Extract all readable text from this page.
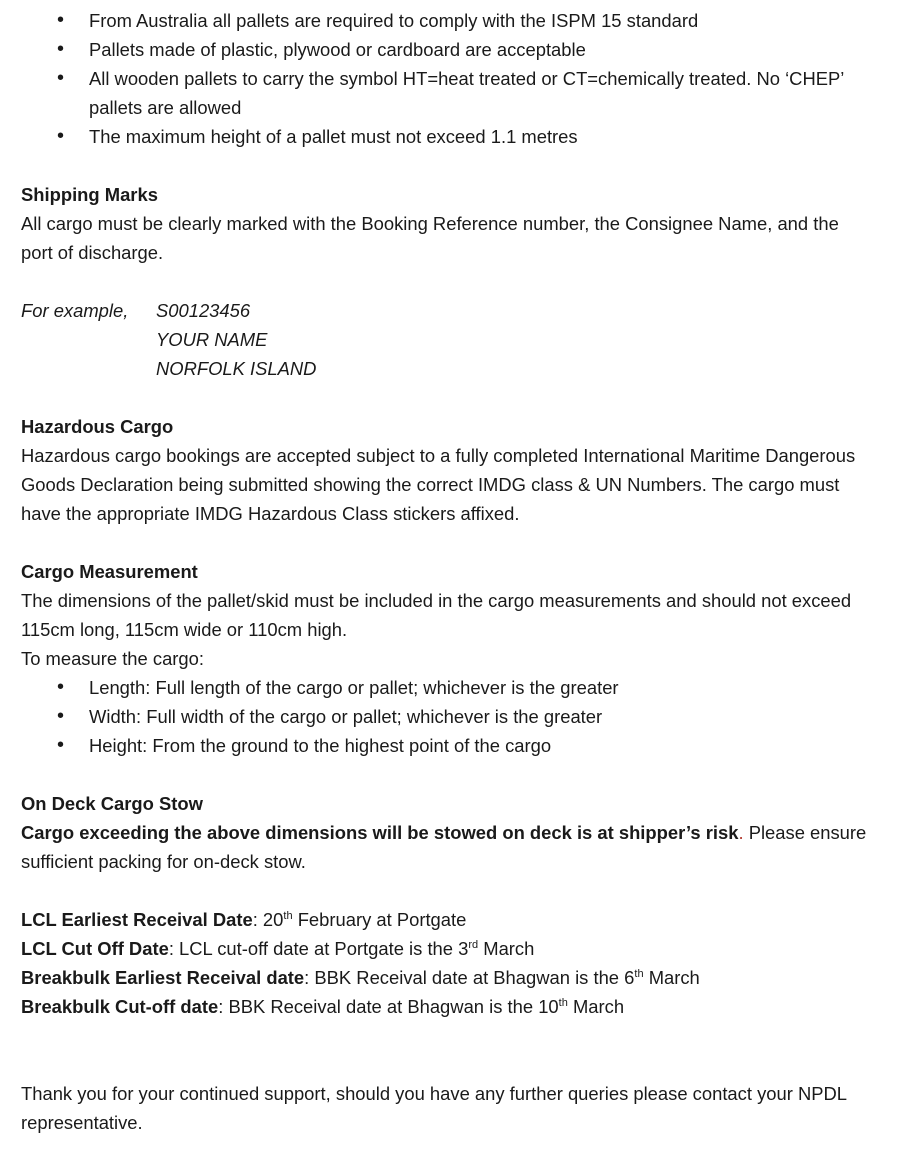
• From Australia all pallets are required to comply with the ISPM 15 standard
• Pallets made of plastic, plywood or cardboard are acceptable
• All wooden pallets to carry the symbol HT=heat treated or CT=chemically treated. No ‘CHEP’ pallets are allowed
• The maximum height of a pallet must not exceed 1.1 metres

Shipping Marks

All cargo must be clearly marked with the Booking Reference number, the Consignee Name, and the port of discharge.

For example,	S00123456

YOUR NAME

NORFOLK ISLAND

Hazardous Cargo

Hazardous cargo bookings are accepted subject to a fully completed International Maritime Dangerous Goods Declaration being submitted showing the correct IMDG class & UN Numbers. The cargo must have the appropriate IMDG Hazardous Class stickers affixed.

Cargo Measurement

The dimensions of the pallet/skid must be included in the cargo measurements and should not exceed 115cm long, 115cm wide or 110cm high.

To measure the cargo:

• Length: Full length of the cargo or pallet; whichever is the greater
• Width: Full width of the cargo or pallet; whichever is the greater
• Height: From the ground to the highest point of the cargo

On Deck Cargo Stow

Cargo exceeding the above dimensions will be stowed on deck is at shipper’s risk. Please ensure sufficient packing for on-deck stow.

LCL Earliest Receival Date: 20th February at Portgate

LCL Cut Off Date: LCL cut-off date at Portgate is the 3rd March

Breakbulk Earliest Receival date: BBK Receival date at Bhagwan is the 6th March

Breakbulk Cut-off date: BBK Receival date at Bhagwan is the 10th March

Thank you for your continued support, should you have any further queries please contact your NPDL representative.
